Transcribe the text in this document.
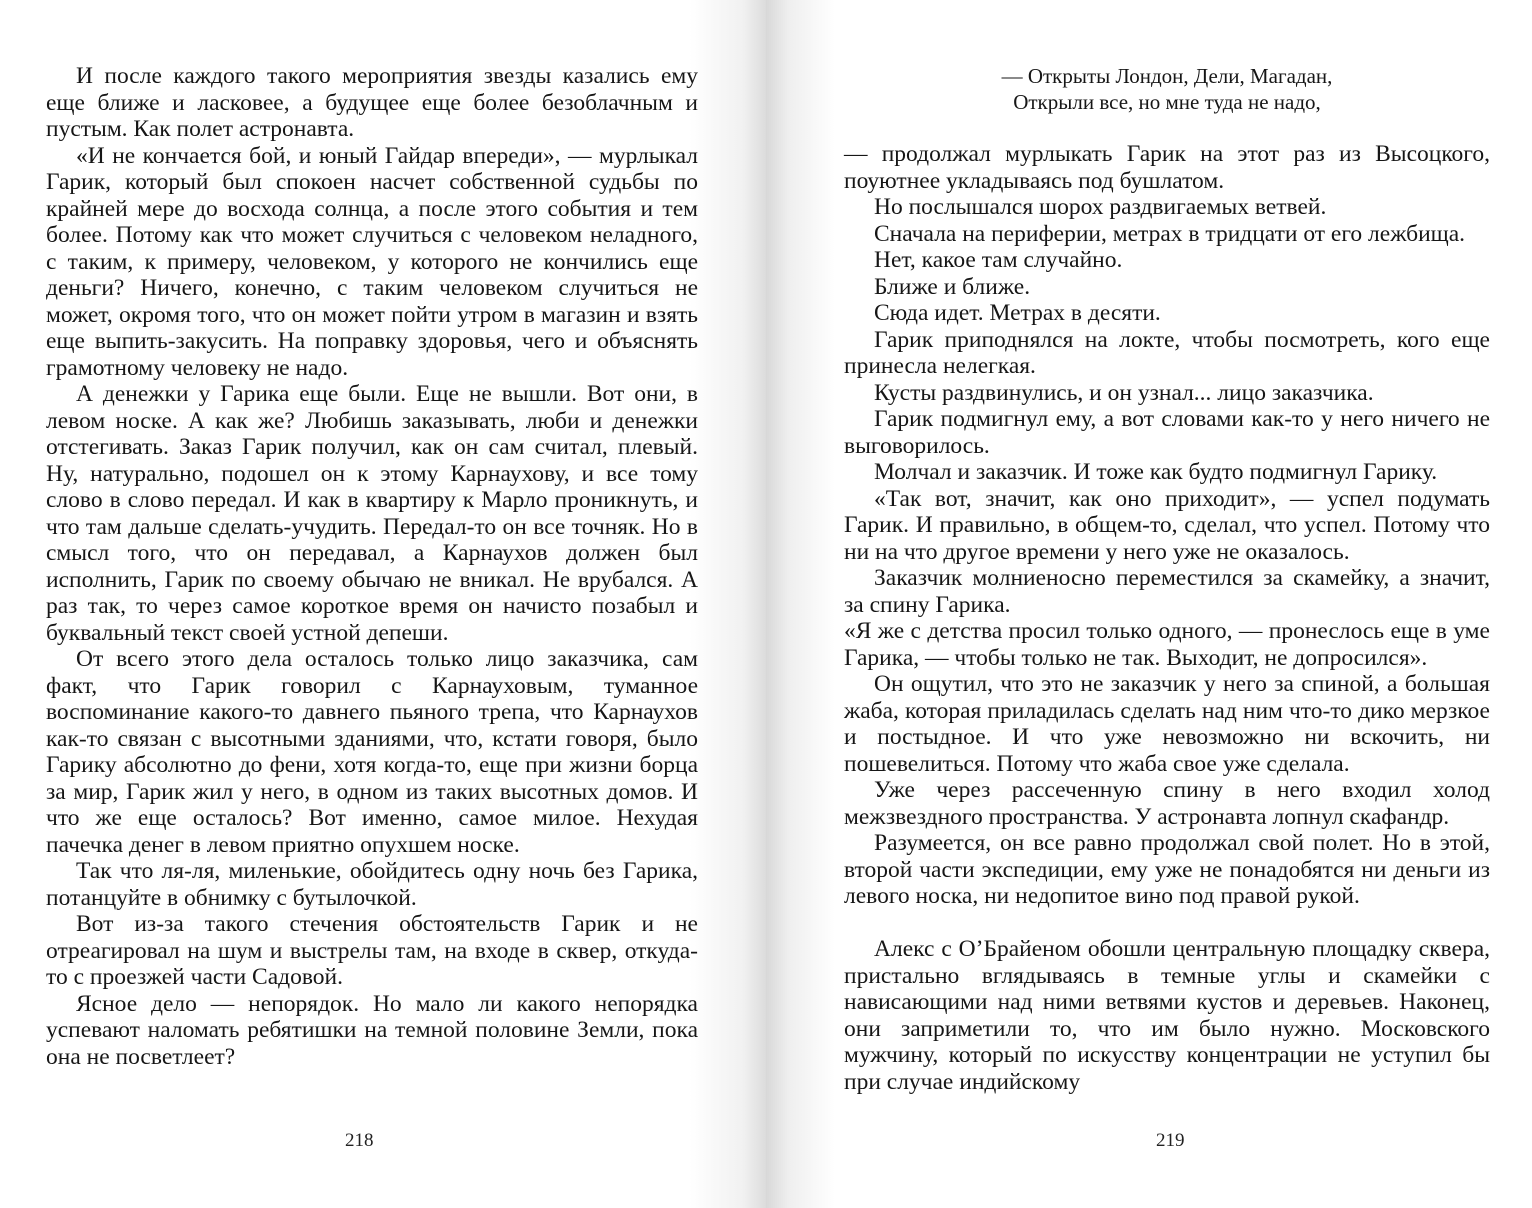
И после каждого такого мероприятия звезды казались ему еще ближе и ласковее, а будущее еще более безоблачным и пустым. Как полет астронавта.

«И не кончается бой, и юный Гайдар впереди», — мурлыкал Гарик, который был спокоен насчет собственной судьбы по крайней мере до восхода солнца, а после этого события и тем более. Потому как что может случиться с человеком неладного, с таким, к примеру, человеком, у которого не кончились еще деньги? Ничего, конечно, с таким человеком случиться не может, окромя того, что он может пойти утром в магазин и взять еще выпить-закусить. На поправку здоровья, чего и объяснять грамотному человеку не надо.

А денежки у Гарика еще были. Еще не вышли. Вот они, в левом носке. А как же? Любишь заказывать, люби и денежки отстегивать. Заказ Гарик получил, как он сам считал, плевый. Ну, натурально, подошел он к этому Карнаухову, и все тому слово в слово передал. И как в квартиру к Марло проникнуть, и что там дальше сделать-учудить. Передал-то он все точняк. Но в смысл того, что он передавал, а Карнаухов должен был исполнить, Гарик по своему обычаю не вникал. Не врубался. А раз так, то через самое короткое время он начисто позабыл и буквальный текст своей устной депеши.

От всего этого дела осталось только лицо заказчика, сам факт, что Гарик говорил с Карнауховым, туманное воспоминание какого-то давнего пьяного трепа, что Карнаухов как-то связан с высотными зданиями, что, кстати говоря, было Гарику абсолютно до фени, хотя когда-то, еще при жизни борца за мир, Гарик жил у него, в одном из таких высотных домов. И что же еще осталось? Вот именно, самое милое. Нехудая пачечка денег в левом приятно опухшем носке.

Так что ля-ля, миленькие, обойдитесь одну ночь без Гарика, потанцуйте в обнимку с бутылочкой.

Вот из-за такого стечения обстоятельств Гарик и не отреагировал на шум и выстрелы там, на входе в сквер, откуда-то с проезжей части Садовой.

Ясное дело — непорядок. Но мало ли какого непорядка успевают наломать ребятишки на темной половине Земли, пока она не посветлеет?

218
— Открыты Лондон, Дели, Магадан,
Открыли все, но мне туда не надо,

— продолжал мурлыкать Гарик на этот раз из Высоцкого, поуютнее укладываясь под бушлатом.

Но послышался шорох раздвигаемых ветвей.

Сначала на периферии, метрах в тридцати от его лежбища.

Нет, какое там случайно.

Ближе и ближе.

Сюда идет. Метрах в десяти.

Гарик приподнялся на локте, чтобы посмотреть, кого еще принесла нелегкая.

Кусты раздвинулись, и он узнал... лицо заказчика.

Гарик подмигнул ему, а вот словами как-то у него ничего не выговорилось.

Молчал и заказчик. И тоже как будто подмигнул Гарику.

«Так вот, значит, как оно приходит», — успел подумать Гарик. И правильно, в общем-то, сделал, что успел. Потому что ни на что другое времени у него уже не оказалось.

Заказчик молниеносно переместился за скамейку, а значит, за спину Гарика.

«Я же с детства просил только одного, — пронеслось еще в уме Гарика, — чтобы только не так. Выходит, не допросился».

Он ощутил, что это не заказчик у него за спиной, а большая жаба, которая приладилась сделать над ним что-то дико мерзкое и постыдное. И что уже невозможно ни вскочить, ни пошевелиться. Потому что жаба свое уже сделала.

Уже через рассеченную спину в него входил холод межзвездного пространства. У астронавта лопнул скафандр.

Разумеется, он все равно продолжал свой полет. Но в этой, второй части экспедиции, ему уже не понадобятся ни деньги из левого носка, ни недопитое вино под правой рукой.

Алекс с О’Брайеном обошли центральную площадку сквера, пристально вглядываясь в темные углы и скамейки с нависающими над ними ветвями кустов и деревьев. Наконец, они заприметили то, что им было нужно. Московского мужчину, который по искусству концентрации не уступил бы при случае индийскому

219
